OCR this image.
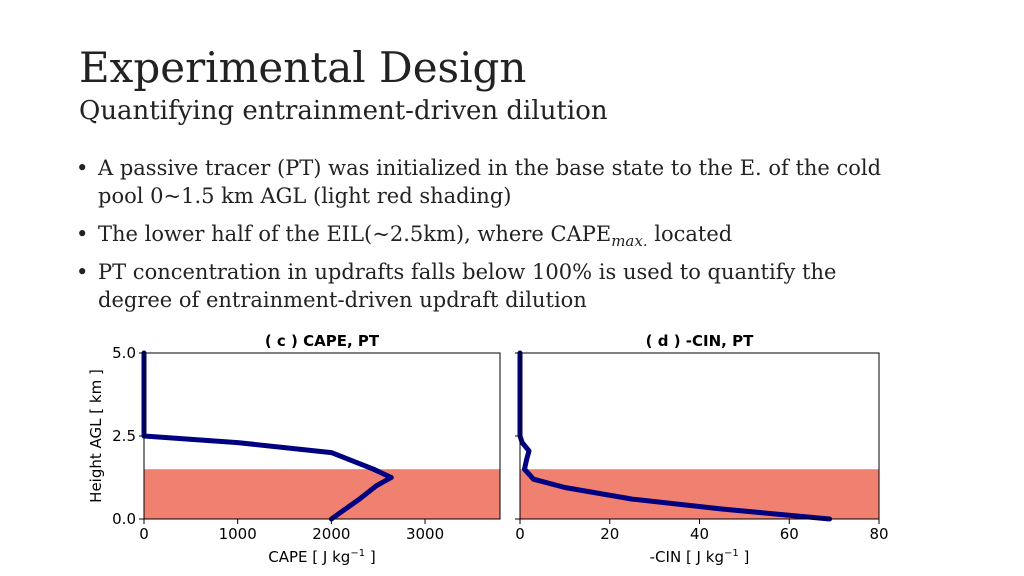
Experimental Design
Quantifying entrainment-driven dilution
• A passive tracer (PT) was initialized in the base state to the E. of the cold pool 0~1.5 km AGL (light red shading)
• The lower half of the EIL(~2.5km), where $CAPE_{max.}$ located
• PT concentration in updrafts falls below 100% is used to quantify the degree of entrainment-driven updraft dilution
0	1000	2000	3000
0.0
2.5
5.0
( c ) CAPE, PT
CAPE [ J $kg^{-1}$ ]
Height AGL [ km ]
0	20	40	60	80
( d ) -CIN, PT
-CIN [ J $kg^{-1}$ ]
